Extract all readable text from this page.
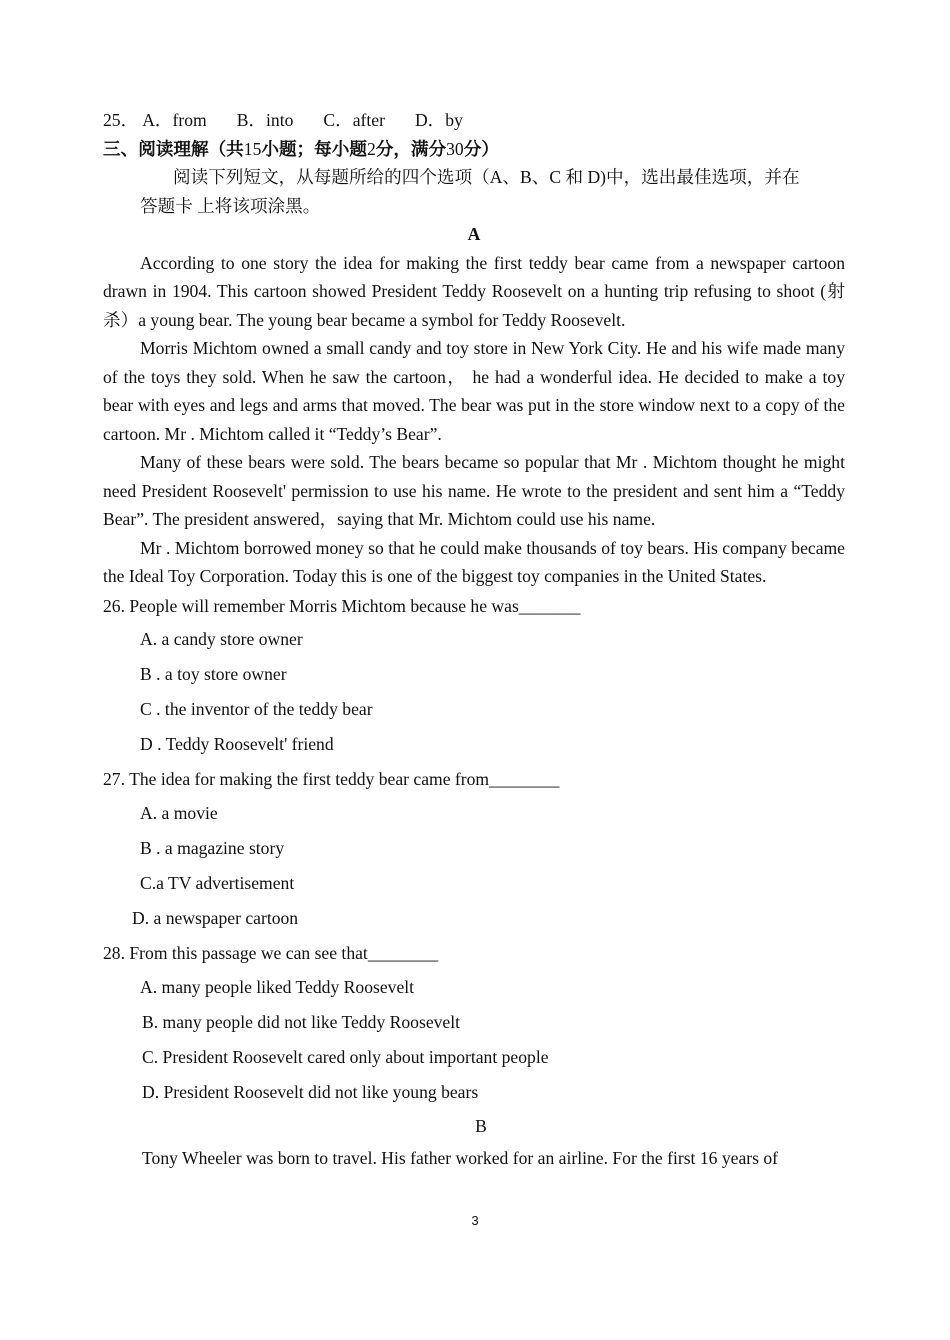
25． A．from B．into C．after D．by
三、阅读理解（共15小题；每小题2分，满分30分）
阅读下列短文，从每题所给的四个选项（A、B、C 和 D)中，选出最佳选项，并在
答题卡 上将该项涂黑。
A

According to one story the idea for making the first teddy bear came from a newspaper cartoon drawn in 1904. This cartoon showed President Teddy Roosevelt on a hunting trip refusing to shoot (射杀）a young bear. The young bear became a symbol for Teddy Roosevelt.

Morris Michtom owned a small candy and toy store in New York City. He and his wife made many of the toys they sold. When he saw the cartoon， he had a wonderful idea. He decided to make a toy bear with eyes and legs and arms that moved. The bear was put in the store window next to a copy of the cartoon. Mr . Michtom called it “Teddy’s Bear”.

Many of these bears were sold. The bears became so popular that Mr . Michtom thought he might need President Roosevelt' permission to use his name. He wrote to the president and sent him a “Teddy Bear”. The president answered，saying that Mr. Michtom could use his name.

Mr . Michtom borrowed money so that he could make thousands of toy bears. His company became the Ideal Toy Corporation. Today this is one of the biggest toy companies in the United States.

26. People will remember Morris Michtom because he was_______
A. a candy store owner
B . a toy store owner
C . the inventor of the teddy bear
D . Teddy Roosevelt' friend
27. The idea for making the first teddy bear came from________
A. a movie
B . a magazine story
C.a TV advertisement
D. a newspaper cartoon
28. From this passage we can see that________
A. many people liked Teddy Roosevelt
B. many people did not like Teddy Roosevelt
C. President Roosevelt cared only about important people
D. President Roosevelt did not like young bears
B
Tony Wheeler was born to travel. His father worked for an airline. For the first 16 years of
3
